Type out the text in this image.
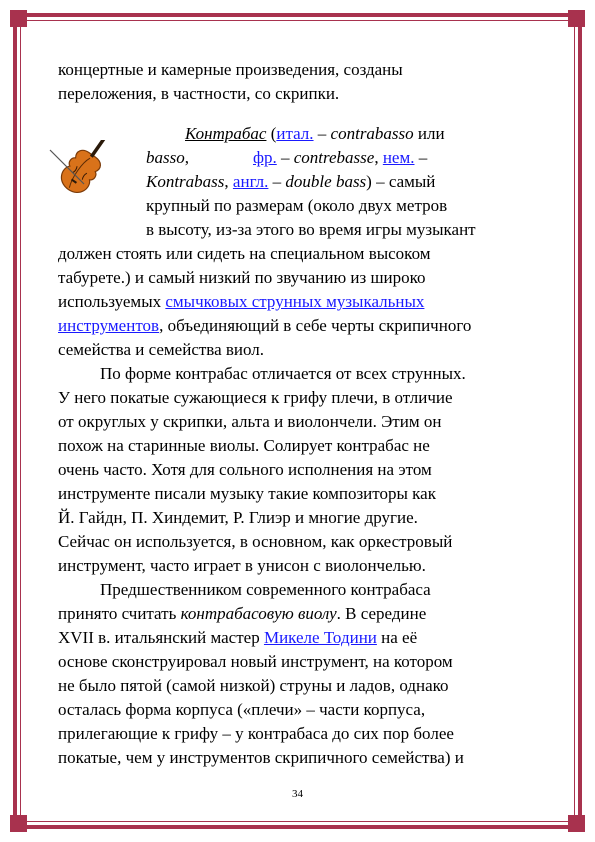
концертные и камерные произведения, созданы
переложения, в частности, со скрипки.
Контрабас (итал. – contrabasso или
basso,	фр. – contrebasse, нем. –
Kontrabass, англ. – double bass) – самый
крупный по размерам (около двух метров
в высоту, из-за этого во время игры музыкант
должен стоять или сидеть на специальном высоком
табурете.) и самый низкий по звучанию из широко
используемых смычковых струнных музыкальных
инструментов, объединяющий в себе черты скрипичного
семейства и семейства виол.
По форме контрабас отличается от всех струнных.
У него покатые сужающиеся к грифу плечи, в отличие
от округлых у скрипки, альта и виолончели. Этим он
похож на старинные виолы. Солирует контрабас не
очень часто. Хотя для сольного исполнения на этом
инструменте писали музыку такие композиторы как
Й. Гайдн, П. Хиндемит, Р. Глиэр и многие другие.
Сейчас он используется, в основном, как оркестровый
инструмент, часто играет в унисон с виолончелью.
Предшественником современного контрабаса
принято считать контрабасовую виолу. В середине
XVII в. итальянский мастер Микеле Тодини на её
основе сконструировал новый инструмент, на котором
не было пятой (самой низкой) струны и ладов, однако
осталась форма корпуса («плечи» – части корпуса,
прилегающие к грифу – у контрабаса до сих пор более
покатые, чем у инструментов скрипичного семейства) и
34
